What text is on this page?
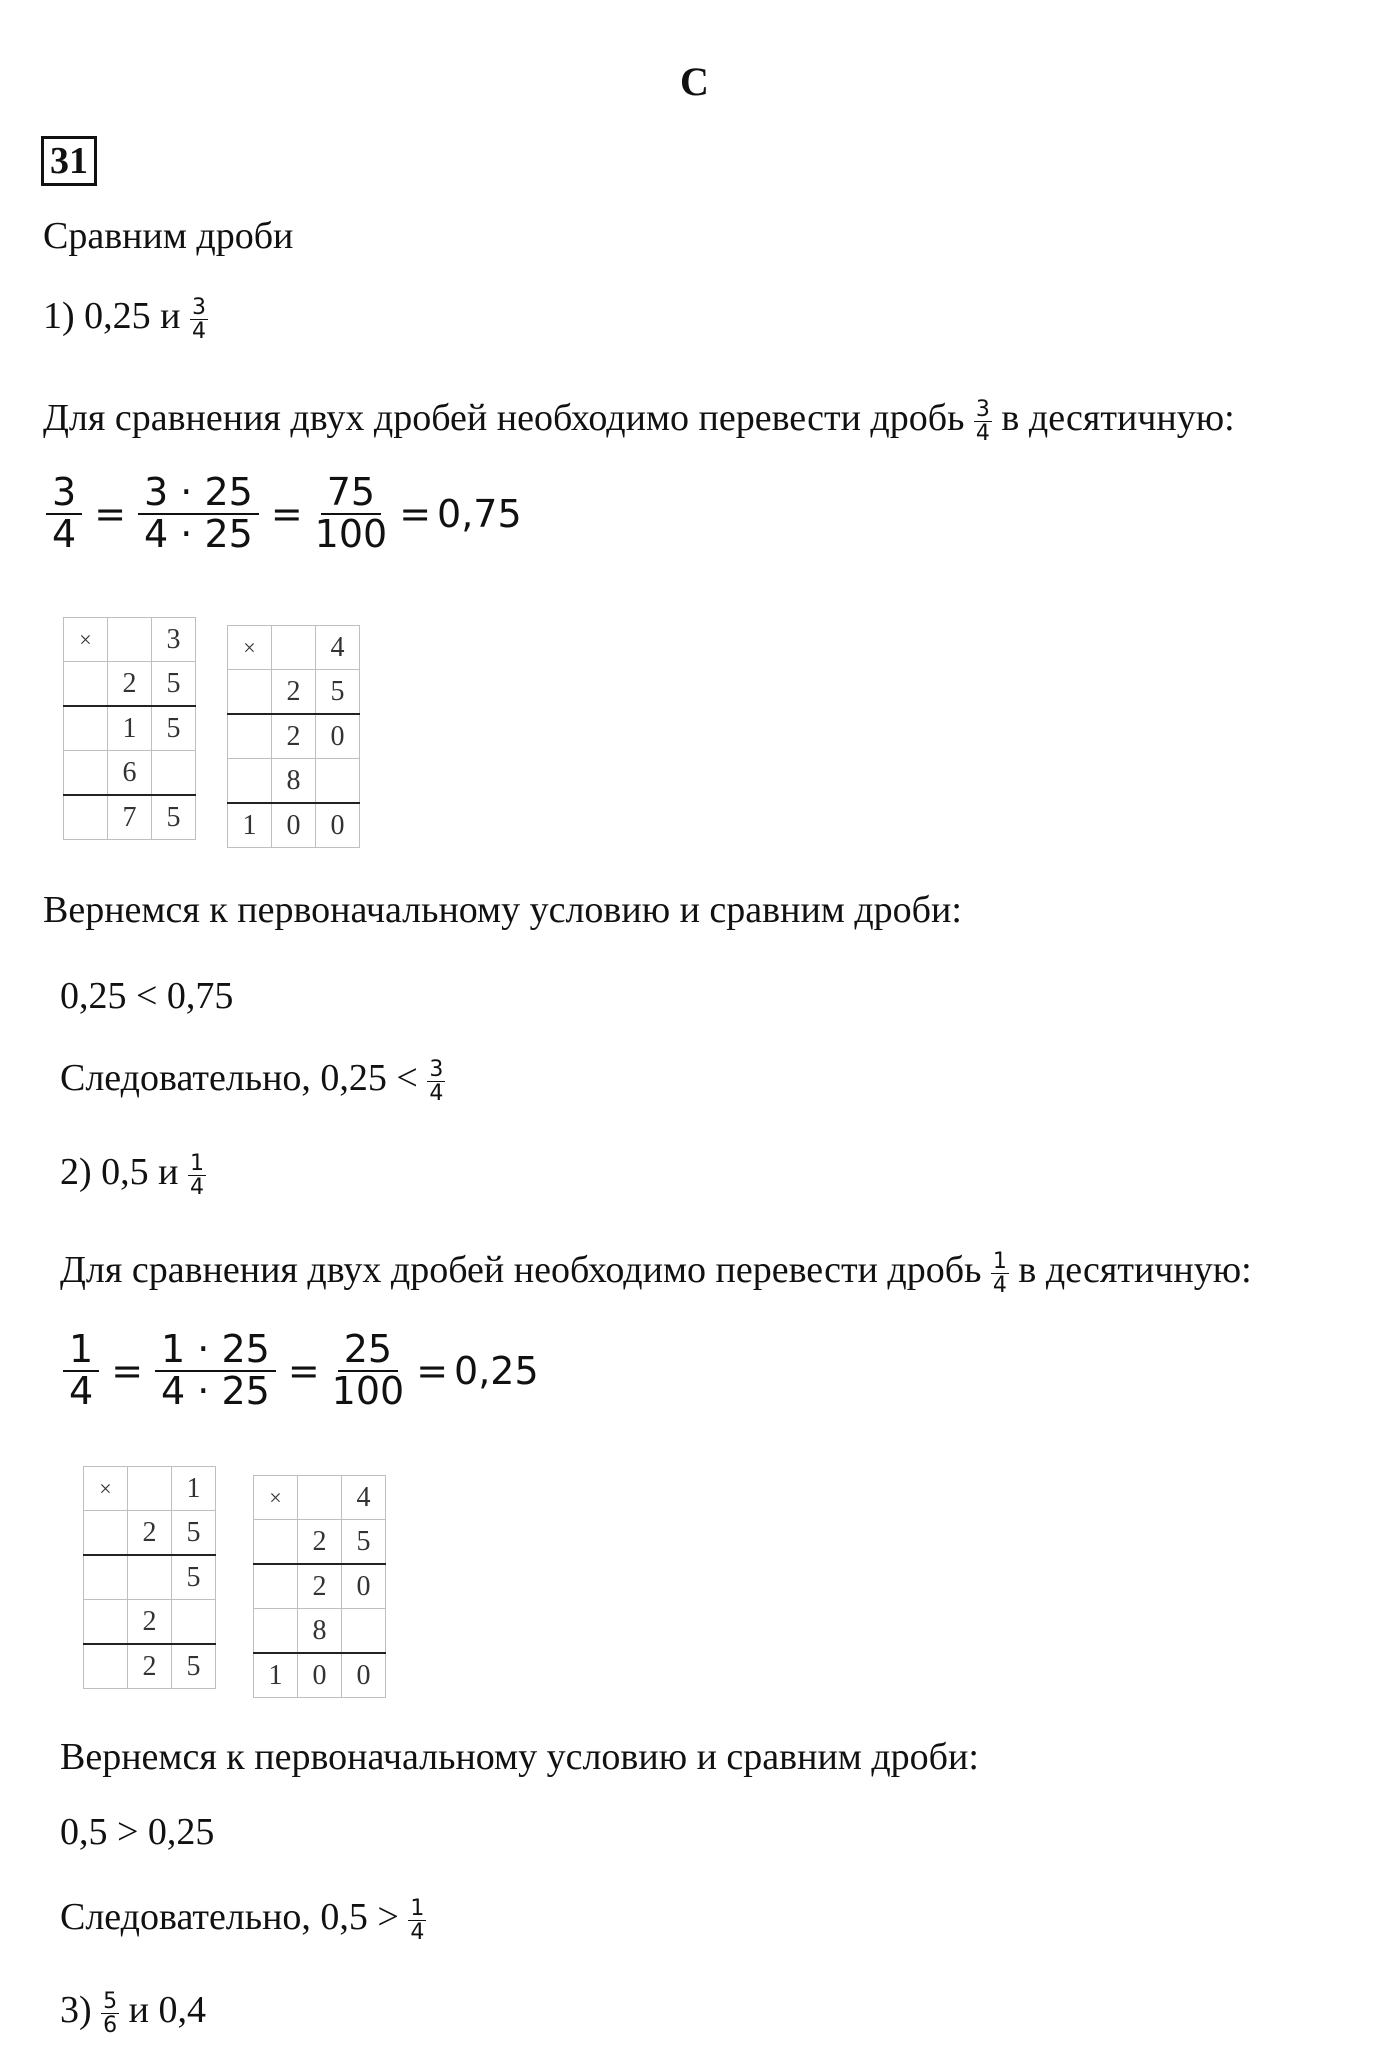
С
31
Сравним дроби
1) 0,25 и $\frac{3}{4}$
Для сравнения двух дробей необходимо перевести дробь $\frac{3}{4}$ в десятичную:
$\frac{3}{4} = \frac{3 \cdot 25}{4 \cdot 25} = \frac{75}{100} = 0,75$
×		3
	2	5
	1	5
	6	
	7	5
×		4
	2	5
	2	0
	8	
1	0	0
Вернемся к первоначальному условию и сравним дроби:
0,25 < 0,75
Следовательно, $0,25 < \frac{3}{4}$
2) 0,5 и $\frac{1}{4}$
Для сравнения двух дробей необходимо перевести дробь $\frac{1}{4}$ в десятичную:
$\frac{1}{4} = \frac{1 \cdot 25}{4 \cdot 25} = \frac{25}{100} = 0,25$
×		1
	2	5
		5
	2	
	2	5
×		4
	2	5
	2	0
	8	
1	0	0
Вернемся к первоначальному условию и сравним дроби:
0,5 > 0,25
Следовательно, $0,5 > \frac{1}{4}$
$3) \frac{5}{6}$ и 0,4
